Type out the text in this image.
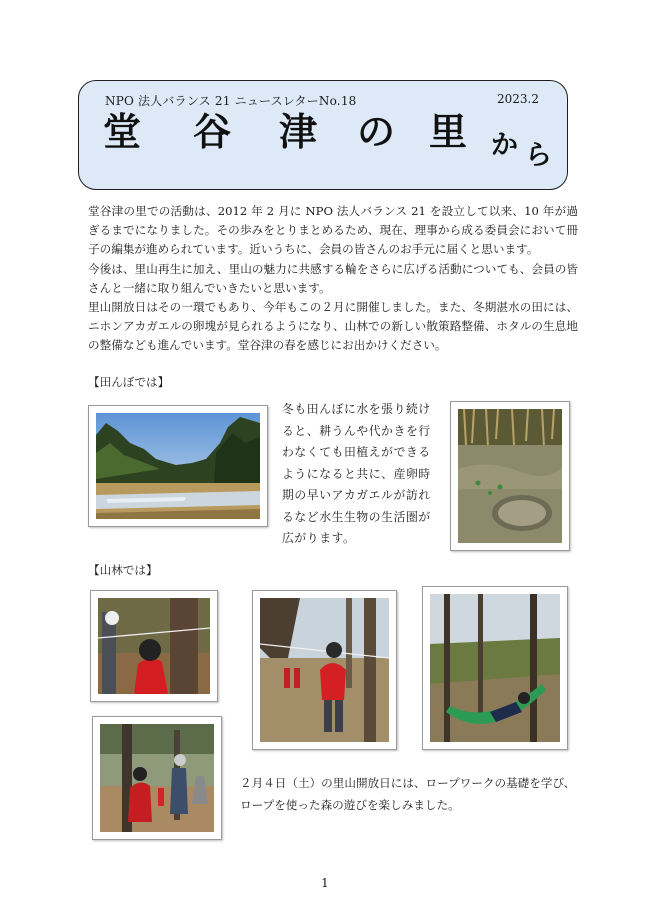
NPO 法人バランス 21 ニュースレターNo.18	2023.2
堂 谷 津 の 里 か ら

堂谷津の里での活動は、2012 年 2 月に NPO 法人バランス 21 を設立して以来、10 年が過ぎるまでになりました。その歩みをとりまとめるため、現在、理事から成る委員会において冊子の編集が進められています。近いうちに、会員の皆さんのお手元に届くと思います。

今後は、里山再生に加え、里山の魅力に共感する輪をさらに広げる活動についても、会員の皆さんと一緒に取り組んでいきたいと思います。

里山開放日はその一環でもあり、今年もこの２月に開催しました。また、冬期湛水の田には、ニホンアカガエルの卵塊が見られるようになり、山林での新しい散策路整備、ホタルの生息地の整備なども進んでいます。堂谷津の春を感じにお出かけください。

【田んぼでは】
冬も田んぼに水を張り続けると、耕うんや代かきを行わなくても田植えができるようになると共に、産卵時期の早いアカガエルが訪れるなど水生生物の生活圏が広がります。
【山林では】
２月４日（土）の里山開放日には、ロープワークの基礎を学び、ロープを使った森の遊びを楽しみました。
1
